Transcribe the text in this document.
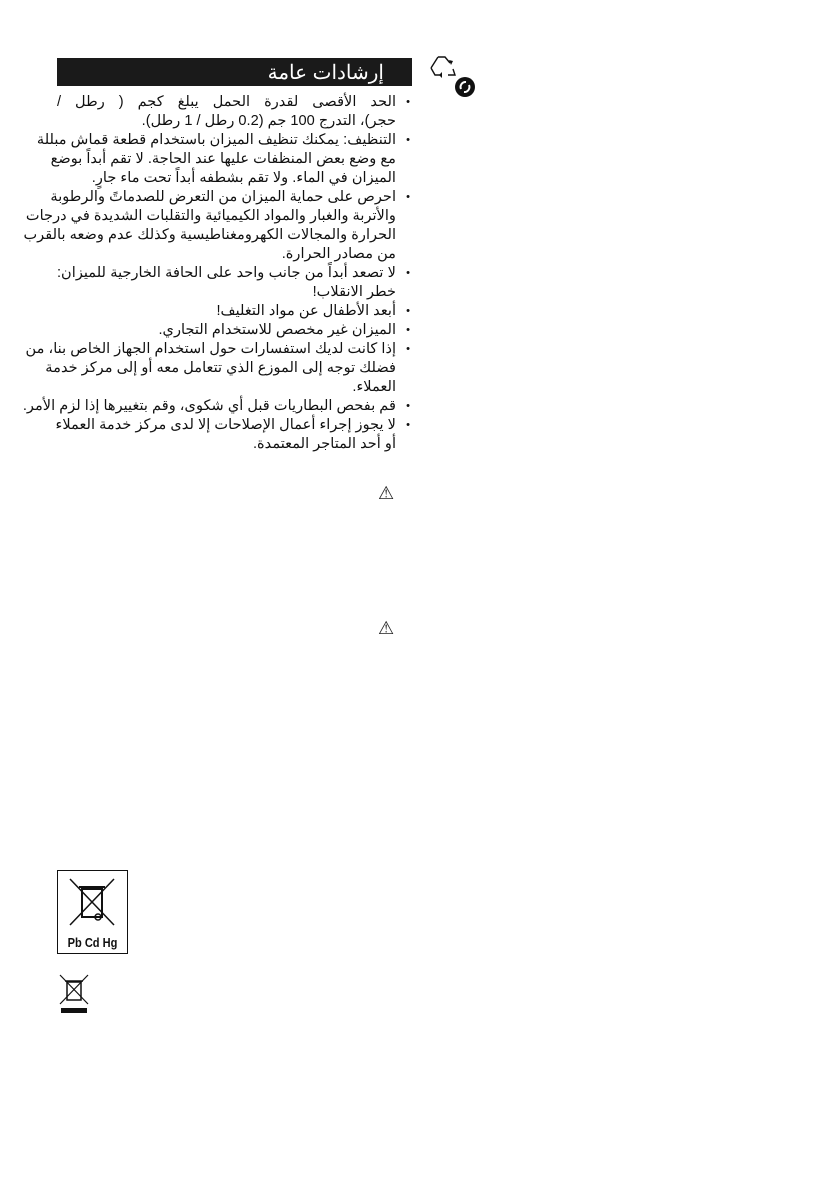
إرشادات عامة
•
الحد الأقصى لقدرة الحمل يبلغ كجم ( رطل /
حجر)، التدرج 100 جم (0.2 رطل / 1 رطل).
•
التنظيف: يمكنك تنظيف الميزان باستخدام قطعة قماش مبللة
مع وضع بعض المنظفات عليها عند الحاجة. لا تقم أبداً بوضع
الميزان في الماء. ولا تقم بشطفه أبداً تحت ماء جارٍ.
•
احرص على حماية الميزان من التعرض للصدماتً والرطوبة
والأتربة والغبار والمواد الكيميائية والتقلبات الشديدة في درجات
الحرارة والمجالات الكهرومغناطيسية وكذلك عدم وضعه بالقرب
من مصادر الحرارة.
•
لا تصعد أبداً من جانب واحد على الحافة الخارجية للميزان:
خطر الانقلاب!
•
أبعد الأطفال عن مواد التغليف!
•
الميزان غير مخصص للاستخدام التجاري.
•
إذا كانت لديك استفسارات حول استخدام الجهاز الخاص بنا، من
فضلك توجه إلى الموزع الذي تتعامل معه أو إلى مركز خدمة
العملاء.
•
قم بفحص البطاريات قبل أي شكوى، وقم بتغييرها إذا لزم الأمر.
•
لا يجوز إجراء أعمال الإصلاحات إلا لدى مركز خدمة العملاء
أو أحد المتاجر المعتمدة.
⚠
⚠
Pb Cd Hg
